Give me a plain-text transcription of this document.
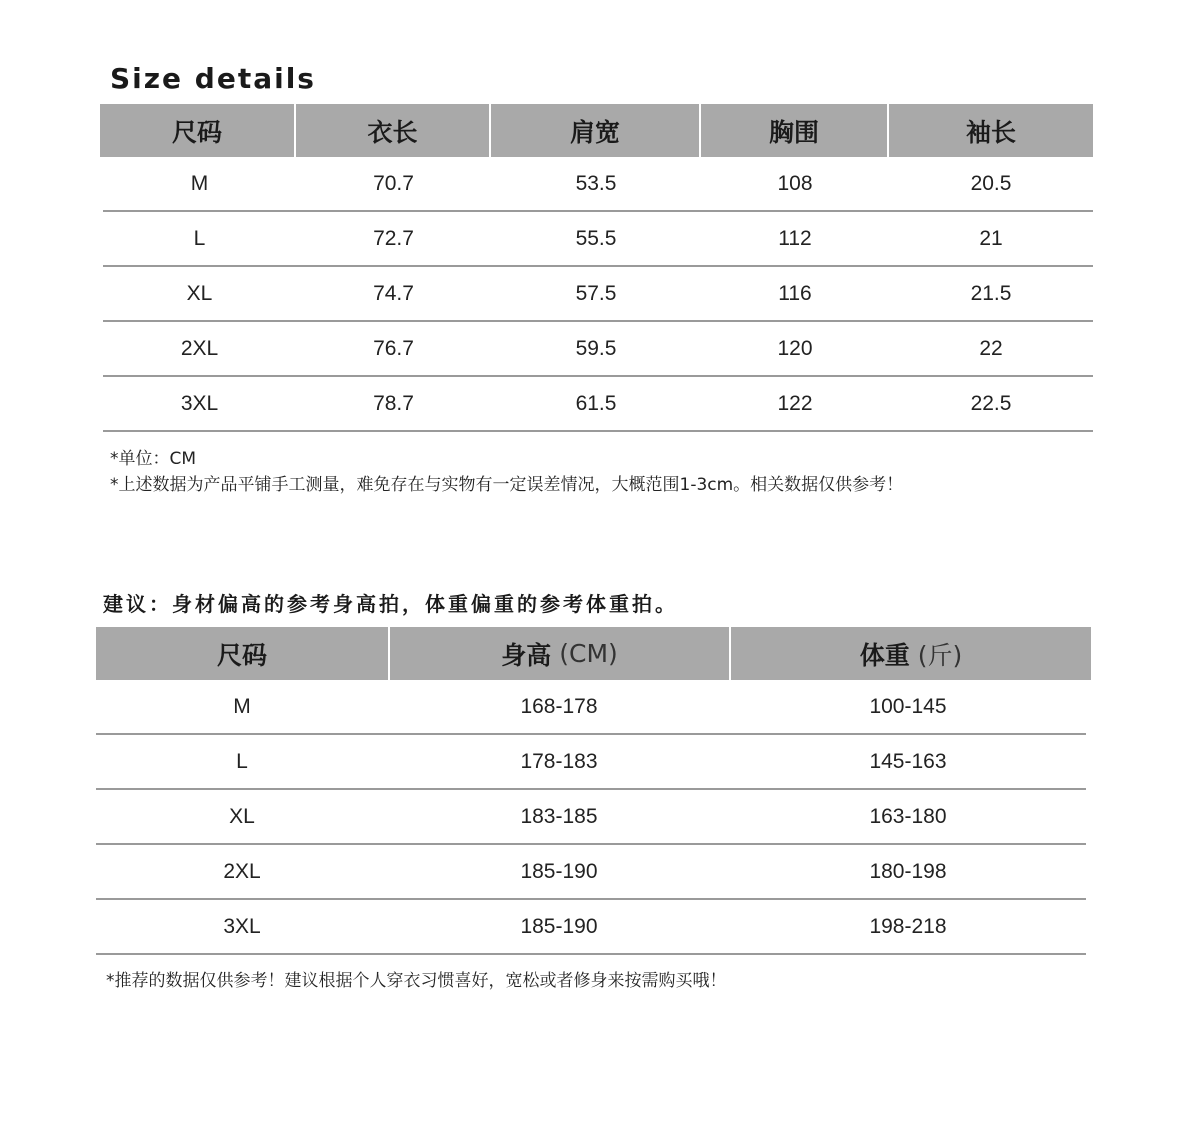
Size details
尺码	衣长	肩宽	胸围	袖长
M	70.7	53.5	108	20.5
L	72.7	55.5	112	21
XL	74.7	57.5	116	21.5
2XL	76.7	59.5	120	22
3XL	78.7	61.5	122	22.5
*单位：CM
*上述数据为产品平铺手工测量，难免存在与实物有一定误差情况，大概范围1-3cm。相关数据仅供参考！
建议：身材偏高的参考身高拍，体重偏重的参考体重拍。
尺码	身高 (CM)	体重 (斤)
M	168-178	100-145
L	178-183	145-163
XL	183-185	163-180
2XL	185-190	180-198
3XL	185-190	198-218
*推荐的数据仅供参考！建议根据个人穿衣习惯喜好，宽松或者修身来按需购买哦！
